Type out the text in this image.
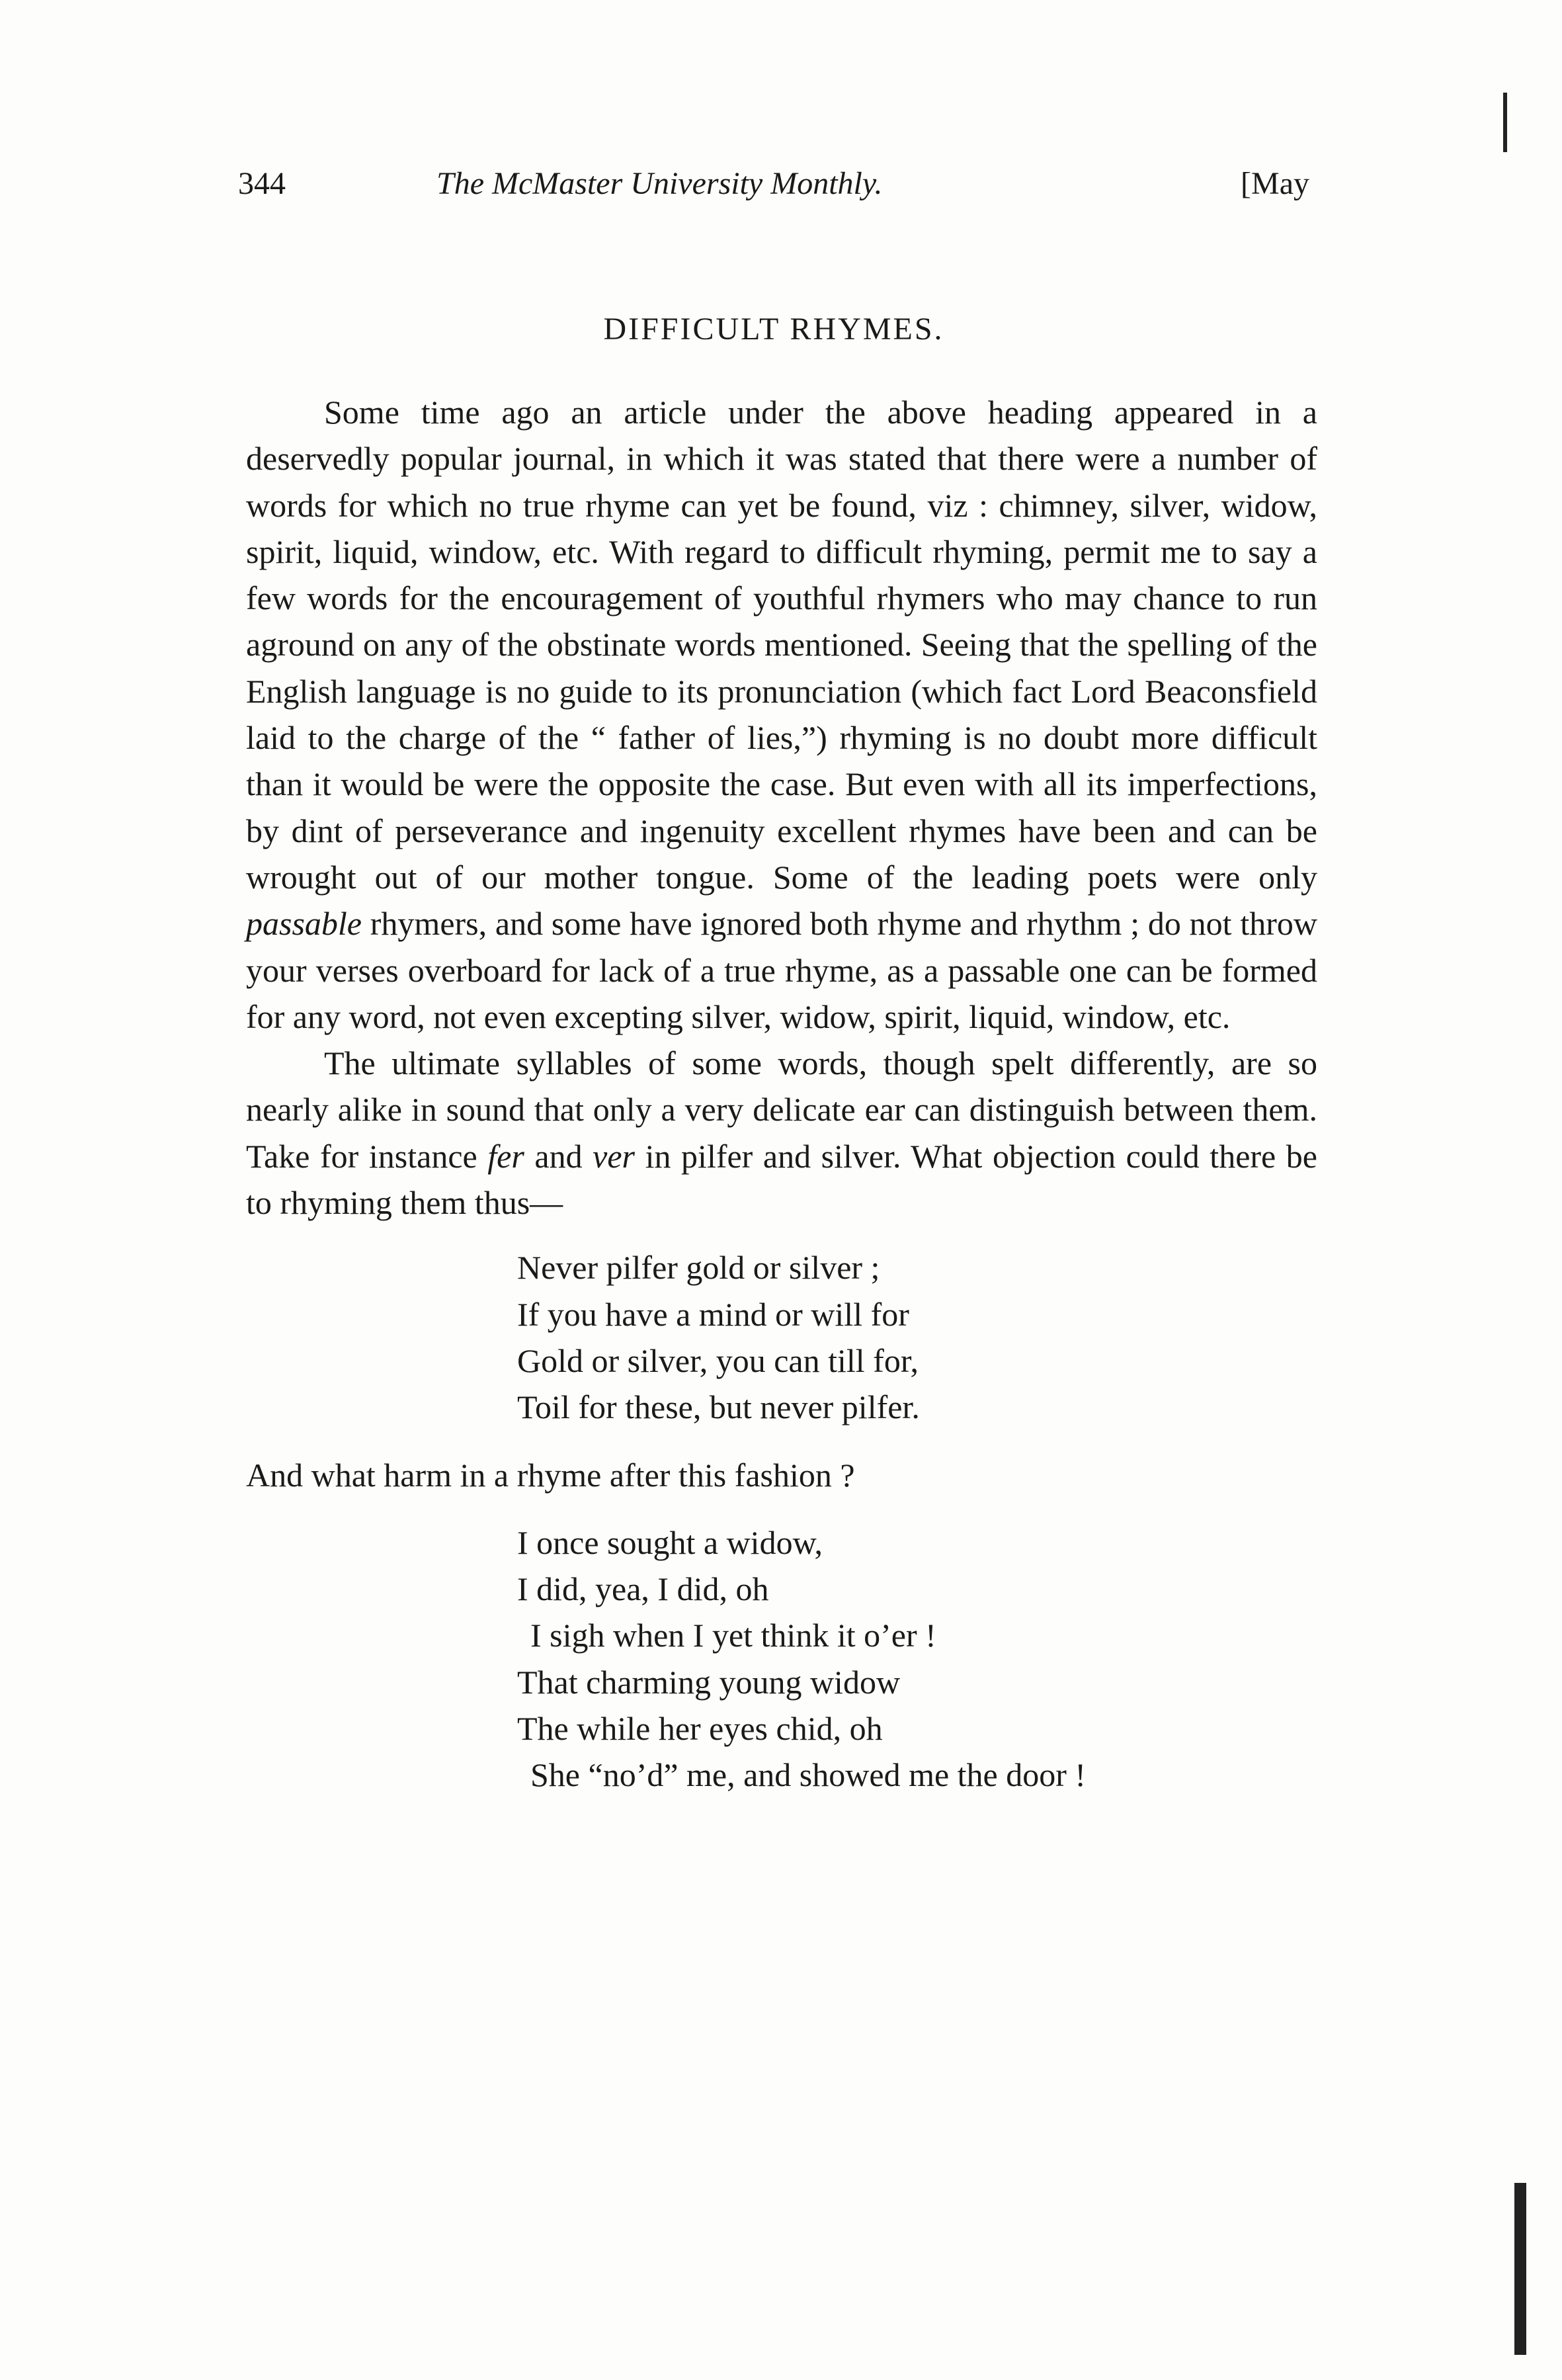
344	The McMaster University Monthly.	[May
DIFFICULT RHYMES.

Some time ago an article under the above heading appeared in a deservedly popular journal, in which it was stated that there were a number of words for which no true rhyme can yet be found, viz : chimney, silver, widow, spirit, liquid, window, etc. With regard to difficult rhyming, permit me to say a few words for the encouragement of youthful rhymers who may chance to run aground on any of the obstinate words mentioned. Seeing that the spelling of the English language is no guide to its pronunciation (which fact Lord Beaconsfield laid to the charge of the “ father of lies,”) rhyming is no doubt more difficult than it would be were the opposite the case. But even with all its imperfections, by dint of perseverance and ingenuity excellent rhymes have been and can be wrought out of our mother tongue. Some of the leading poets were only passable rhymers, and some have ignored both rhyme and rhythm ; do not throw your verses overboard for lack of a true rhyme, as a passable one can be formed for any word, not even excepting silver, widow, spirit, liquid, window, etc.

The ultimate syllables of some words, though spelt differently, are so nearly alike in sound that only a very delicate ear can distinguish between them. Take for instance fer and ver in pilfer and silver. What objection could there be to rhyming them thus—

Never pilfer gold or silver ;
If you have a mind or will for
Gold or silver, you can till for,
Toil for these, but never pilfer.

And what harm in a rhyme after this fashion ?

I once sought a widow,
I did, yea, I did, oh
I sigh when I yet think it o’er !
That charming young widow
The while her eyes chid, oh
She “no’d” me, and showed me the door !
